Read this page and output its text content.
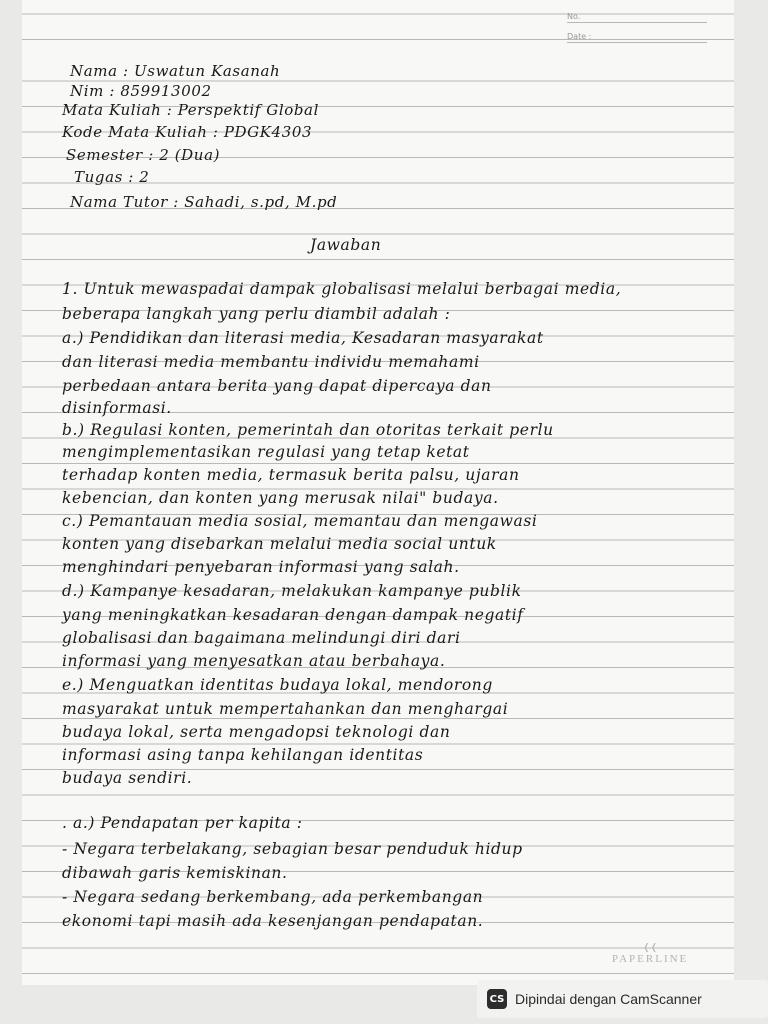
No.
Date :
Nama : Uswatun Kasanah
Nim : 859913002
Mata Kuliah : Perspektif Global
Kode Mata Kuliah : PDGK4303
Semester : 2 (Dua)
Tugas : 2
Nama Tutor : Sahadi, s.pd, M.pd
Jawaban
1. Untuk mewaspadai dampak globalisasi melalui berbagai media,
beberapa langkah yang perlu diambil adalah :
a.) Pendidikan dan literasi media, Kesadaran masyarakat
dan literasi media membantu individu memahami
perbedaan antara berita yang dapat dipercaya dan
disinformasi.
b.) Regulasi konten, pemerintah dan otoritas terkait perlu
mengimplementasikan regulasi yang tetap ketat
terhadap konten media, termasuk berita palsu, ujaran
kebencian, dan konten yang merusak nilai" budaya.
c.) Pemantauan media sosial, memantau dan mengawasi
konten yang disebarkan melalui media social untuk
menghindari penyebaran informasi yang salah.
d.) Kampanye kesadaran, melakukan kampanye publik
yang meningkatkan kesadaran dengan dampak negatif
globalisasi dan bagaimana melindungi diri dari
informasi yang menyesatkan atau berbahaya.
e.) Menguatkan identitas budaya lokal, mendorong
masyarakat untuk mempertahankan dan menghargai
budaya lokal, serta mengadopsi teknologi dan
informasi asing tanpa kehilangan identitas
budaya sendiri.
. a.) Pendapatan per kapita :
- Negara terbelakang, sebagian besar penduduk hidup
dibawah garis kemiskinan.
- Negara sedang berkembang, ada perkembangan
ekonomi tapi masih ada kesenjangan pendapatan.
❬❬
PAPERLINE
CS Dipindai dengan CamScanner
